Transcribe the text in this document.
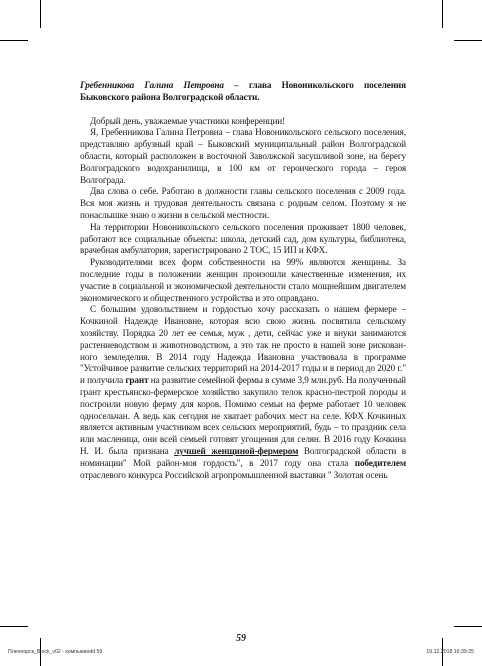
Гребенникова Галина Петровна – глава Новоникольского поселения Быковского района Волгоградской области.

Добрый день, уважаемые участники конференции!

Я, Гребенникова Галина Петровна – глава Новоникольского сельского поселения, представляю арбузный край – Быковский муниципальный район Волгоградской области, который расположен в восточной Заволжской засушливой зоне, на берегу Волгоградского водохранилища, в 100 км от героического города – героя Волгограда.

Два слова о себе. Работаю в должности главы сельского поселения с 2009 года. Вся моя жизнь и трудовая деятельность связана с родным селом. Поэтому я не понаслышке знаю о жизни в сельской местности.

На территории Новоникольского сельского поселения проживает 1800 человек, работают все социальные объекты: школа, детский сад, дом культуры, библиотека, врачебная амбулатория, зарегистрировано 2 ТОС, 15 ИП и КФХ.

Руководителями всех форм собственности на 99% являются женщины. За последние годы в положении женщин произошли качественные изменения, их участие в социальной и экономической деятельности стало мощнейшим двигателем экономического и общественного устройства и это оправдано.

С большим удовольствием и гордостью хочу рассказать о нашем фермере – Кочкиной Надежде Ивановне, которая всю свою жизнь посвятила сельскому хозяйству. Порядка 20 лет ее семья, муж , дети, сейчас уже и внуки занимаются растениеводством и животноводством, а это так не просто в нашей зоне рискованного земледелия. В 2014 году Надежда Ивановна участвовала в программе "Устойчивое развитие сельских территорий на 2014-2017 годы и в период до 2020 г." и получила грант на развитие семейной фермы в сумме 3,9 млн.руб. На полученный грант крестьянско-фермерское хозяйство закупило телок красно-пестрой породы и построили новую ферму для коров. Помимо семьи на ферме работает 10 человек односельчан. А ведь как сегодня не хватает рабочих мест на селе. КФХ Кочкиных является активным участником всех сельских мероприятий, будь – то праздник села или масленица, они всей семьей готовят угощения для селян. В 2016 году Кочкина Н. И. была признана лучшей женщиной-фермером Волгоградской области в номинации" Мой район-моя гордость", в 2017 году она стала победителем отраслевого конкурса Российской агропромышленной выставки " Золотая осень

59
Пленпорск_Block_v02 - компьюинdd 59	19.12.2018 16:39:25
